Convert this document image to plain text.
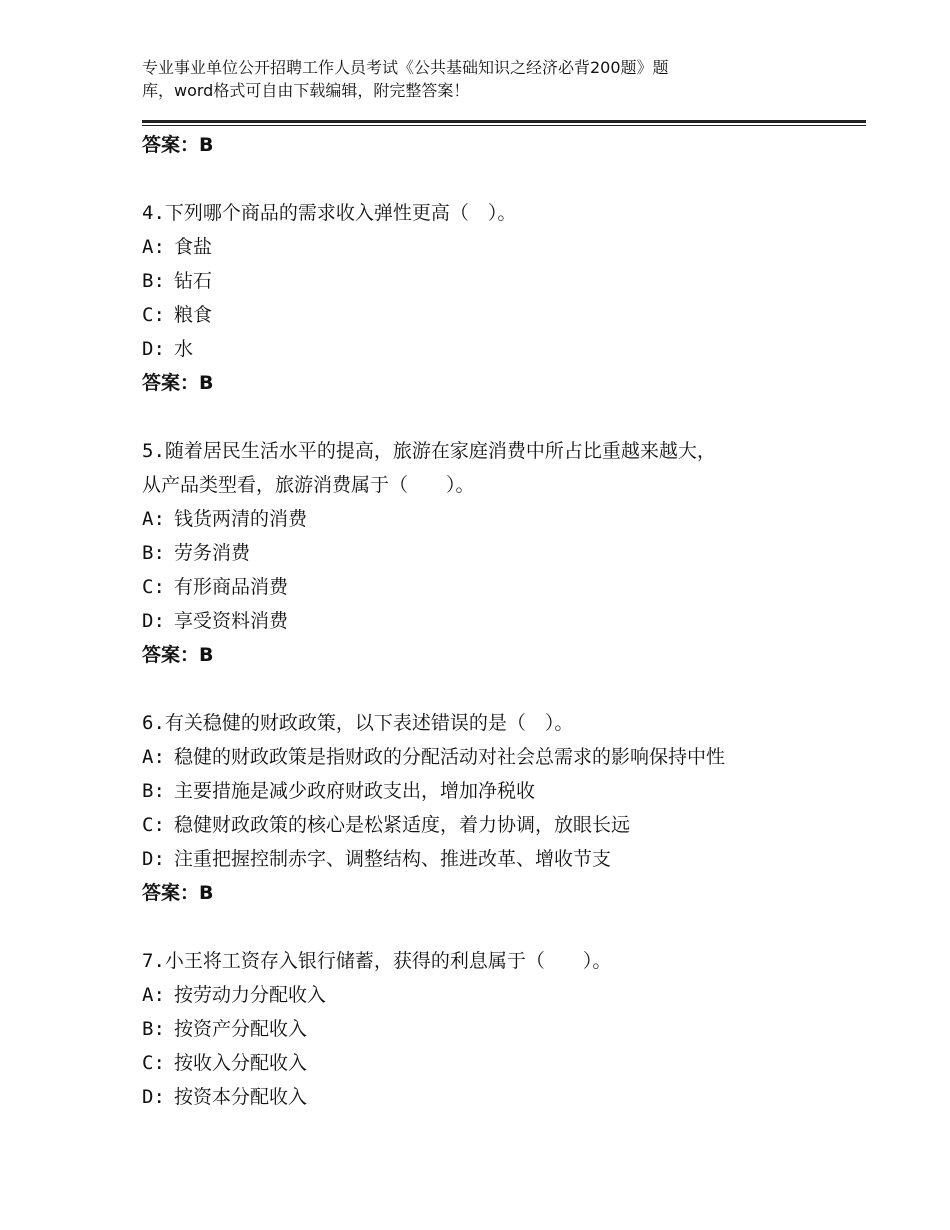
专业事业单位公开招聘工作人员考试《公共基础知识之经济必背200题》题
库，word格式可自由下载编辑，附完整答案！
答案：B
4.下列哪个商品的需求收入弹性更高（　）。
A: 食盐
B: 钻石
C: 粮食
D: 水
答案：B
5.随着居民生活水平的提高，旅游在家庭消费中所占比重越来越大，
从产品类型看，旅游消费属于（　　）。
A: 钱货两清的消费
B: 劳务消费
C: 有形商品消费
D: 享受资料消费
答案：B
6.有关稳健的财政政策，以下表述错误的是（　）。
A: 稳健的财政政策是指财政的分配活动对社会总需求的影响保持中性
B: 主要措施是减少政府财政支出，增加净税收
C: 稳健财政政策的核心是松紧适度，着力协调，放眼长远
D: 注重把握控制赤字、调整结构、推进改革、增收节支
答案：B
7.小王将工资存入银行储蓄，获得的利息属于（　　）。
A: 按劳动力分配收入
B: 按资产分配收入
C: 按收入分配收入
D: 按资本分配收入
